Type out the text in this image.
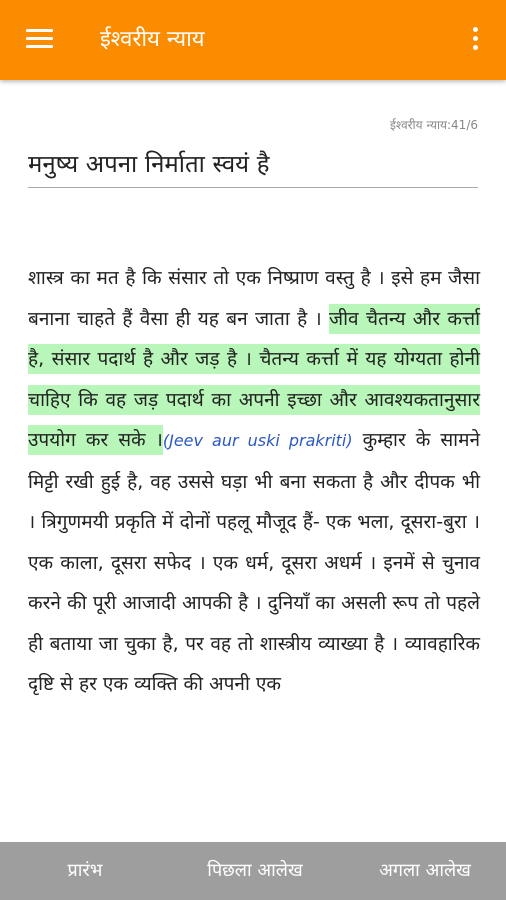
ईश्वरीय न्याय
ईश्वरीय न्याय:41/6
मनुष्य अपना निर्माता स्वयं है
शास्त्र का मत है कि संसार तो एक निष्प्राण वस्तु है । इसे हम जैसा बनाना चाहते हैं वैसा ही यह बन जाता है । जीव चैतन्य और कर्त्ता है, संसार पदार्थ है और जड़ है । चैतन्य कर्त्ता में यह योग्यता होनी चाहिए कि वह जड़ पदार्थ का अपनी इच्छा और आवश्यकतानुसार उपयोग कर सके ।(Jeev aur uski prakriti) कुम्हार के सामने मिट्टी रखी हुई है, वह उससे घड़ा भी बना सकता है और दीपक भी । त्रिगुणमयी प्रकृति में दोनों पहलू मौजूद हैं- एक भला, दूसरा-बुरा । एक काला, दूसरा सफेद । एक धर्म, दूसरा अधर्म । इनमें से चुनाव करने की पूरी आजादी आपकी है । दुनियाँ का असली रूप तो पहले ही बताया जा चुका है, पर वह तो शास्त्रीय व्याख्या है । व्यावहारिक दृष्टि से हर एक व्यक्ति की अपनी एक
प्रारंभ	पिछला आलेख	अगला आलेख
